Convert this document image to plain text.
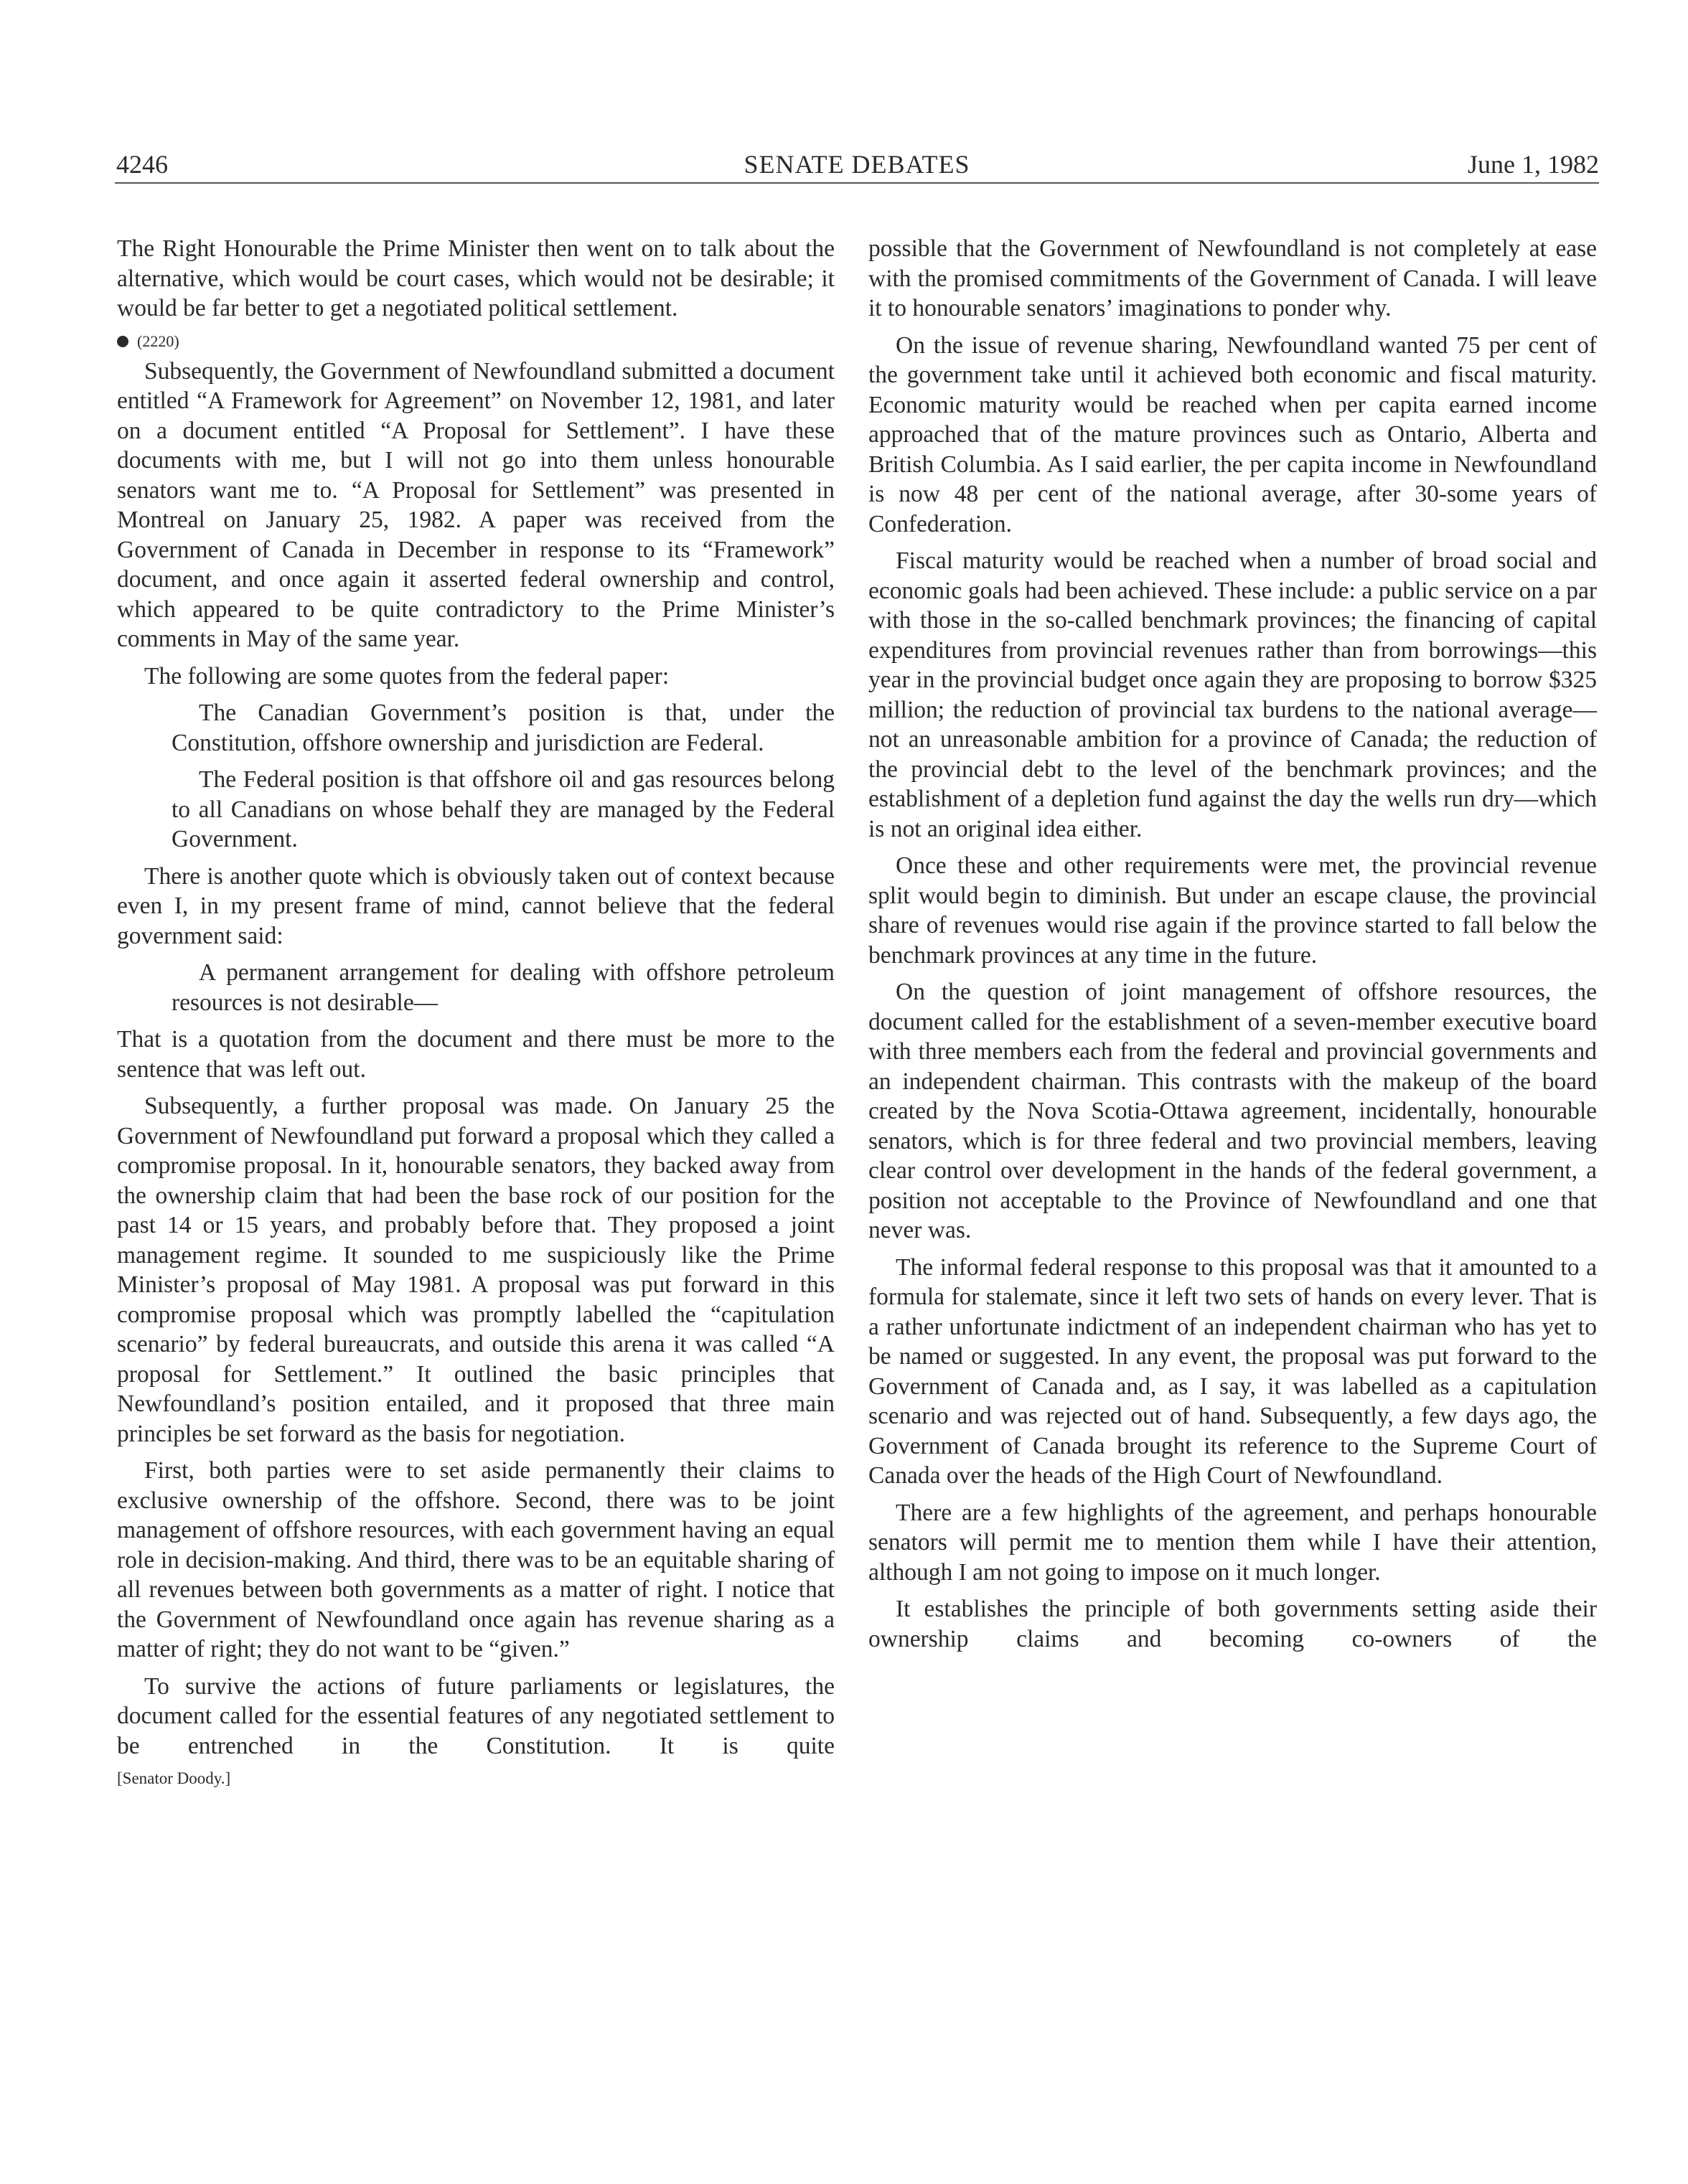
4246	SENATE DEBATES	June 1, 1982

The Right Honourable the Prime Minister then went on to talk about the alternative, which would be court cases, which would not be desirable; it would be far better to get a negotiated political settlement.

(2220)

Subsequently, the Government of Newfoundland submitted a document entitled “A Framework for Agreement” on November 12, 1981, and later on a document entitled “A Proposal for Settlement”. I have these documents with me, but I will not go into them unless honourable senators want me to. “A Proposal for Settlement” was presented in Montreal on January 25, 1982. A paper was received from the Government of Canada in December in response to its “Framework” document, and once again it asserted federal ownership and control, which appeared to be quite contradictory to the Prime Minister’s comments in May of the same year.

The following are some quotes from the federal paper:

The Canadian Government’s position is that, under the Constitution, offshore ownership and jurisdiction are Federal.

The Federal position is that offshore oil and gas resources belong to all Canadians on whose behalf they are managed by the Federal Government.

There is another quote which is obviously taken out of context because even I, in my present frame of mind, cannot believe that the federal government said:

A permanent arrangement for dealing with offshore petroleum resources is not desirable—

That is a quotation from the document and there must be more to the sentence that was left out.

Subsequently, a further proposal was made. On January 25 the Government of Newfoundland put forward a proposal which they called a compromise proposal. In it, honourable senators, they backed away from the ownership claim that had been the base rock of our position for the past 14 or 15 years, and probably before that. They proposed a joint management regime. It sounded to me suspiciously like the Prime Minister’s proposal of May 1981. A proposal was put forward in this compromise proposal which was promptly labelled the “capitulation scenario” by federal bureaucrats, and outside this arena it was called “A proposal for Settlement.” It outlined the basic principles that Newfoundland’s position entailed, and it proposed that three main principles be set forward as the basis for negotiation.

First, both parties were to set aside permanently their claims to exclusive ownership of the offshore. Second, there was to be joint management of offshore resources, with each government having an equal role in decision-making. And third, there was to be an equitable sharing of all revenues between both governments as a matter of right. I notice that the Government of Newfoundland once again has revenue sharing as a matter of right; they do not want to be “given.”

To survive the actions of future parliaments or legislatures, the document called for the essential features of any negotiated settlement to be entrenched in the Constitution. It is quite

[Senator Doody.]

possible that the Government of Newfoundland is not completely at ease with the promised commitments of the Government of Canada. I will leave it to honourable senators’ imaginations to ponder why.

On the issue of revenue sharing, Newfoundland wanted 75 per cent of the government take until it achieved both economic and fiscal maturity. Economic maturity would be reached when per capita earned income approached that of the mature provinces such as Ontario, Alberta and British Columbia. As I said earlier, the per capita income in Newfoundland is now 48 per cent of the national average, after 30-some years of Confederation.

Fiscal maturity would be reached when a number of broad social and economic goals had been achieved. These include: a public service on a par with those in the so-called benchmark provinces; the financing of capital expenditures from provincial revenues rather than from borrowings—this year in the provincial budget once again they are proposing to borrow $325 million; the reduction of provincial tax burdens to the national average—not an unreasonable ambition for a province of Canada; the reduction of the provincial debt to the level of the benchmark provinces; and the establishment of a depletion fund against the day the wells run dry—which is not an original idea either.

Once these and other requirements were met, the provincial revenue split would begin to diminish. But under an escape clause, the provincial share of revenues would rise again if the province started to fall below the benchmark provinces at any time in the future.

On the question of joint management of offshore resources, the document called for the establishment of a seven-member executive board with three members each from the federal and provincial governments and an independent chairman. This contrasts with the makeup of the board created by the Nova Scotia-Ottawa agreement, incidentally, honourable senators, which is for three federal and two provincial members, leaving clear control over development in the hands of the federal government, a position not acceptable to the Province of Newfoundland and one that never was.

The informal federal response to this proposal was that it amounted to a formula for stalemate, since it left two sets of hands on every lever. That is a rather unfortunate indictment of an independent chairman who has yet to be named or suggested. In any event, the proposal was put forward to the Government of Canada and, as I say, it was labelled as a capitulation scenario and was rejected out of hand. Subsequently, a few days ago, the Government of Canada brought its reference to the Supreme Court of Canada over the heads of the High Court of Newfoundland.

There are a few highlights of the agreement, and perhaps honourable senators will permit me to mention them while I have their attention, although I am not going to impose on it much longer.

It establishes the principle of both governments setting aside their ownership claims and becoming co-owners of the
